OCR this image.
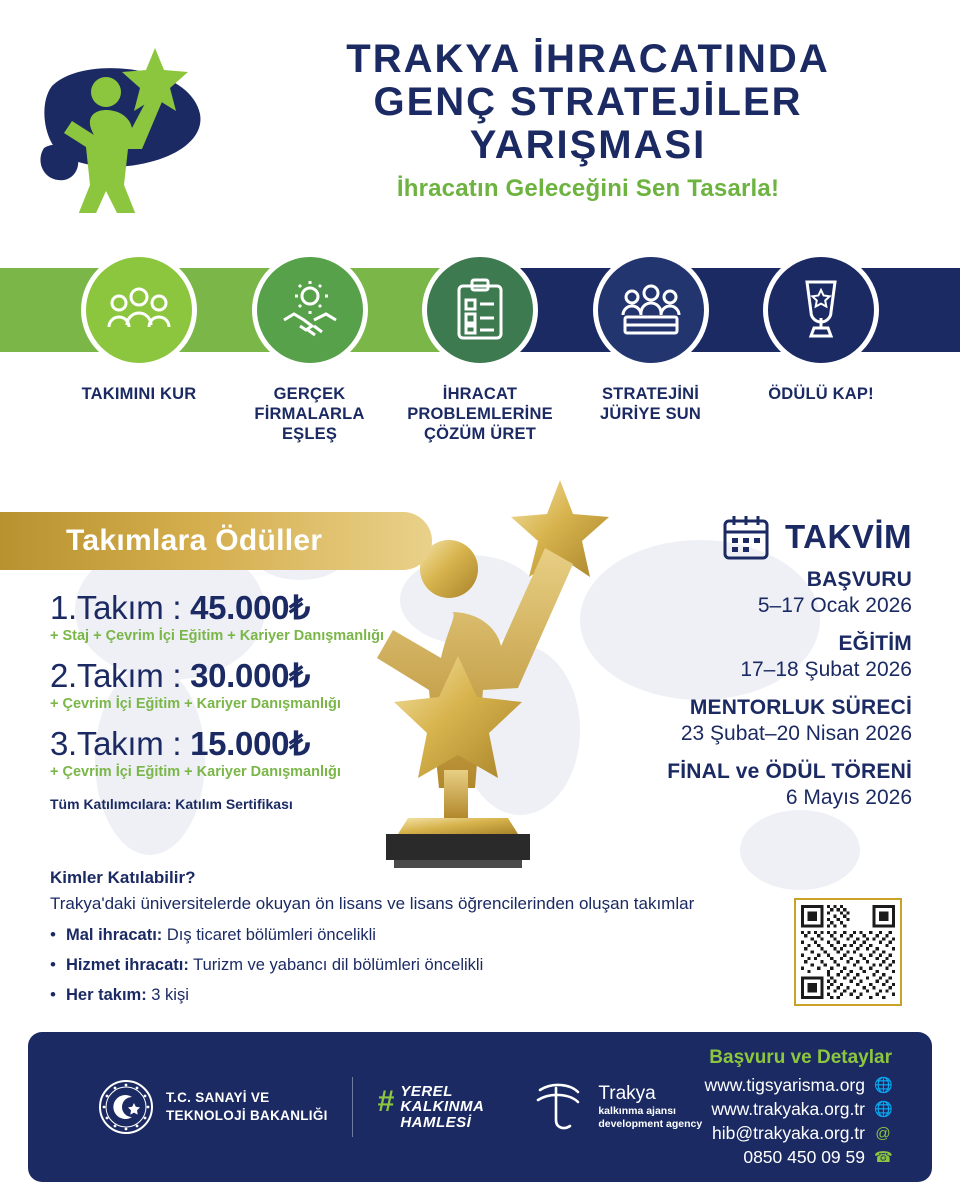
TRAKYA İHRACATINDA
GENÇ STRATEJİLER YARIŞMASI
İhracatın Geleceğini Sen Tasarla!
TAKIMINI KUR	GERÇEK FİRMALARLA EŞLEŞ
İHRACAT PROBLEMLERİNE ÇÖZÜM ÜRET
STRATEJİNİ JÜRİYE SUN
ÖDÜLÜ KAP!
Takımlara Ödüller
1.Takım : 45.000₺
+ Staj + Çevrim İçi Eğitim + Kariyer Danışmanlığı
2.Takım : 30.000₺
+ Çevrim İçi Eğitim + Kariyer Danışmanlığı
3.Takım : 15.000₺
+ Çevrim İçi Eğitim + Kariyer Danışmanlığı
Tüm Katılımcılara: Katılım Sertifikası
TAKVİM
BAŞVURU
5–17 Ocak 2026
EĞİTİM
17–18 Şubat 2026
MENTORLUK SÜRECİ
23 Şubat–20 Nisan 2026
FİNAL ve ÖDÜL TÖRENİ
6 Mayıs 2026
Kimler Katılabilir?
Trakya'daki üniversitelerde okuyan ön lisans ve lisans öğrencilerinden oluşan takımlar
• Mal ihracatı: Dış ticaret bölümleri öncelikli
• Hizmet ihracatı: Turizm ve yabancı dil bölümleri öncelikli
• Her takım: 3 kişi
T.C. SANAYİ VE
TEKNOLOJİ BAKANLIĞI # YEREL
KALKINMA
HAMLESİ
Trakya
kalkınma ajansı
development agency
Başvuru ve Detaylar
www.tigsyarisma.org 🌐
www.trakyaka.org.tr 🌐
hib@trakyaka.org.tr @
0850 450 09 59 ☎
